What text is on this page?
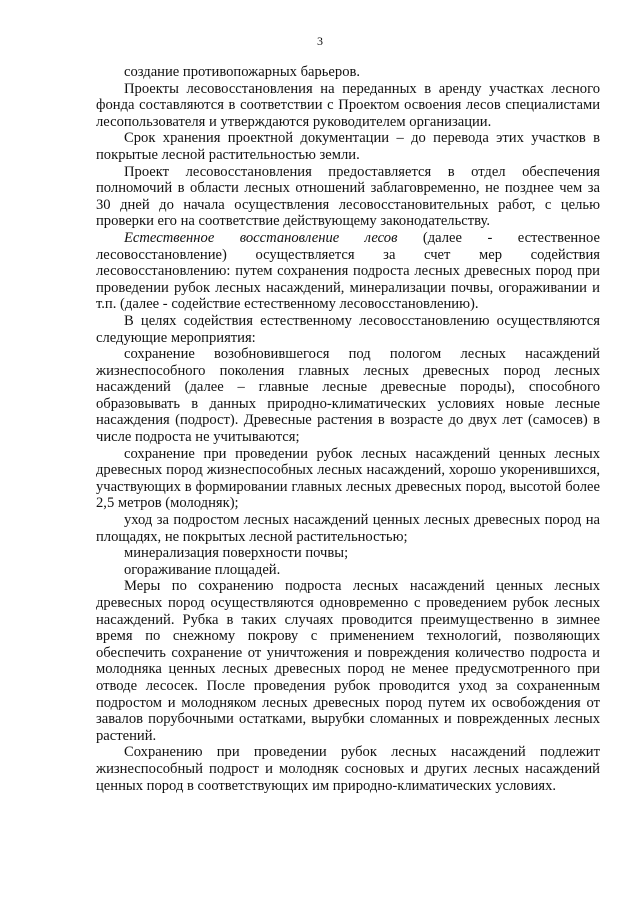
3

создание противопожарных барьеров.

Проекты лесовосстановления на переданных в аренду участках лесного фонда составляются в соответствии с Проектом освоения лесов специалистами лесопользователя и утверждаются руководителем организации.

Срок хранения проектной документации – до перевода этих участков в покрытые лесной растительностью земли.

Проект лесовосстановления предоставляется в отдел обеспечения полномочий в области лесных отношений заблаговременно, не позднее чем за 30 дней до начала осуществления лесовосстановительных работ, с целью проверки его на соответствие действующему законодательству.

Естественное восстановление лесов (далее - естественное лесовосстановление) осуществляется за счет мер содействия лесовосстановлению: путем сохранения подроста лесных древесных пород при проведении рубок лесных насаждений, минерализации почвы, огораживании и т.п. (далее - содействие естественному лесовосстановлению).

В целях содействия естественному лесовосстановлению осуществляются следующие мероприятия:

сохранение возобновившегося под пологом лесных насаждений жизнеспособного поколения главных лесных древесных пород лесных насаждений (далее – главные лесные древесные породы), способного образовывать в данных природно-климатических условиях новые лесные насаждения (подрост). Древесные растения в возрасте до двух лет (самосев) в числе подроста не учитываются;

сохранение при проведении рубок лесных насаждений ценных лесных древесных пород жизнеспособных лесных насаждений, хорошо укоренившихся, участвующих в формировании главных лесных древесных пород, высотой более 2,5 метров (молодняк);

уход за подростом лесных насаждений ценных лесных древесных пород на площадях, не покрытых лесной растительностью;

минерализация поверхности почвы;

огораживание площадей.

Меры по сохранению подроста лесных насаждений ценных лесных древесных пород осуществляются одновременно с проведением рубок лесных насаждений. Рубка в таких случаях проводится преимущественно в зимнее время по снежному покрову с применением технологий, позволяющих обеспечить сохранение от уничтожения и повреждения количество подроста и молодняка ценных лесных древесных пород не менее предусмотренного при отводе лесосек. После проведения рубок проводится уход за сохраненным подростом и молодняком лесных древесных пород путем их освобождения от завалов порубочными остатками, вырубки сломанных и поврежденных лесных растений.

Сохранению при проведении рубок лесных насаждений подлежит жизнеспособный подрост и молодняк сосновых и других лесных насаждений ценных пород в соответствующих им природно-климатических условиях.
